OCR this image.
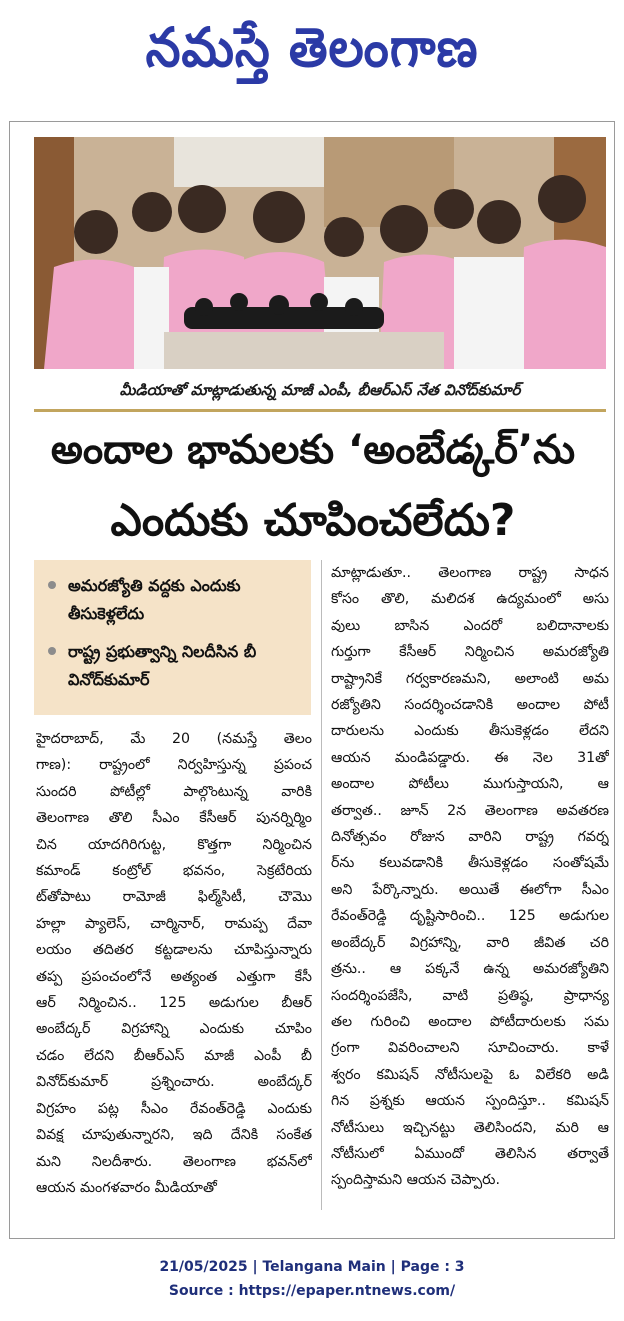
నమస్తే తెలంగాణ
మీడియాతో మాట్లాడుతున్న మాజీ ఎంపీ, బీఆర్ఎస్ నేత వినోద్‌కుమార్
అందాల భామలకు ‘అంబేడ్కర్’ను
ఎందుకు చూపించలేదు?
అమరజ్యోతి వద్దకు ఎందుకు తీసుకెళ్లలేదు
రాష్ట్ర ప్రభుత్వాన్ని నిలదీసిన బీ వినోద్‌కుమార్
హైదరాబాద్, మే 20 (నమస్తే తెలం
గాణ): రాష్ట్రంలో నిర్వహిస్తున్న ప్రపంచ
సుందరి పోటీల్లో పాల్గొంటున్న వారికి
తెలంగాణ తొలి సీఎం కేసీఆర్ పునర్నిర్మిం
చిన యాదగిరిగుట్ట, కొత్తగా నిర్మించిన
కమాండ్ కంట్రోల్ భవనం, సెక్రటేరియ
ట్‌తోపాటు రామోజీ ఫిల్మ్‌సిటీ, చౌమొ
హల్లా ప్యాలెస్, చార్మినార్, రామప్ప దేవా
లయం తదితర కట్టడాలను చూపిస్తున్నారు
తప్ప ప్రపంచంలోనే అత్యంత ఎత్తుగా కేసీ
ఆర్ నిర్మించిన.. 125 అడుగుల బీఆర్
అంబేద్కర్ విగ్రహాన్ని ఎందుకు చూపిం
చడం లేదని బీఆర్ఎస్ మాజీ ఎంపీ బీ
వినోద్‌కుమార్ ప్రశ్నించారు. అంబేద్కర్
విగ్రహం పట్ల సీఎం రేవంత్‌రెడ్డి ఎందుకు
వివక్ష చూపుతున్నారని, ఇది దేనికి సంకేత
మని నిలదీశారు. తెలంగాణ భవన్‌లో
ఆయన మంగళవారం మీడియాతో
మాట్లాడుతూ.. తెలంగాణ రాష్ట్ర సాధన
కోసం తొలి, మలిదశ ఉద్యమంలో అసు
వులు బాసిన ఎందరో బలిదానాలకు
గుర్తుగా కేసీఆర్ నిర్మించిన అమరజ్యోతి
రాష్ట్రానికే గర్వకారణమని, అలాంటి అమ
రజ్యోతిని సందర్శించడానికి అందాల పోటీ
దారులను ఎందుకు తీసుకెళ్లడం లేదని
ఆయన మండిపడ్డారు. ఈ నెల 31తో
అందాల పోటీలు ముగుస్తాయని, ఆ
తర్వాత.. జూన్ 2న తెలంగాణ అవతరణ
దినోత్సవం రోజున వారిని రాష్ట్ర గవర్న
ర్‌ను కలువడానికి తీసుకెళ్లడం సంతోషమే
అని పేర్కొన్నారు. అయితే ఈలోగా సీఎం
రేవంత్‌రెడ్డి దృష్టిసారించి.. 125 అడుగుల
అంబేద్కర్ విగ్రహాన్ని, వారి జీవిత చరి
త్రను.. ఆ పక్కనే ఉన్న అమరజ్యోతిని
సందర్శింపజేసి, వాటి ప్రతిష్ఠ, ప్రాధాన్య
తల గురించి అందాల పోటీదారులకు సమ
గ్రంగా వివరించాలని సూచించారు. కాళే
శ్వరం కమిషన్ నోటీసులపై ఓ విలేకరి అడి
గిన ప్రశ్నకు ఆయన స్పందిస్తూ.. కమిషన్
నోటీసులు ఇచ్చినట్టు తెలిసిందని, మరి ఆ
నోటీసులో ఏముందో తెలిసిన తర్వాతే
స్పందిస్తామని ఆయన చెప్పారు.
21/05/2025 | Telangana Main | Page : 3
Source : https://epaper.ntnews.com/
